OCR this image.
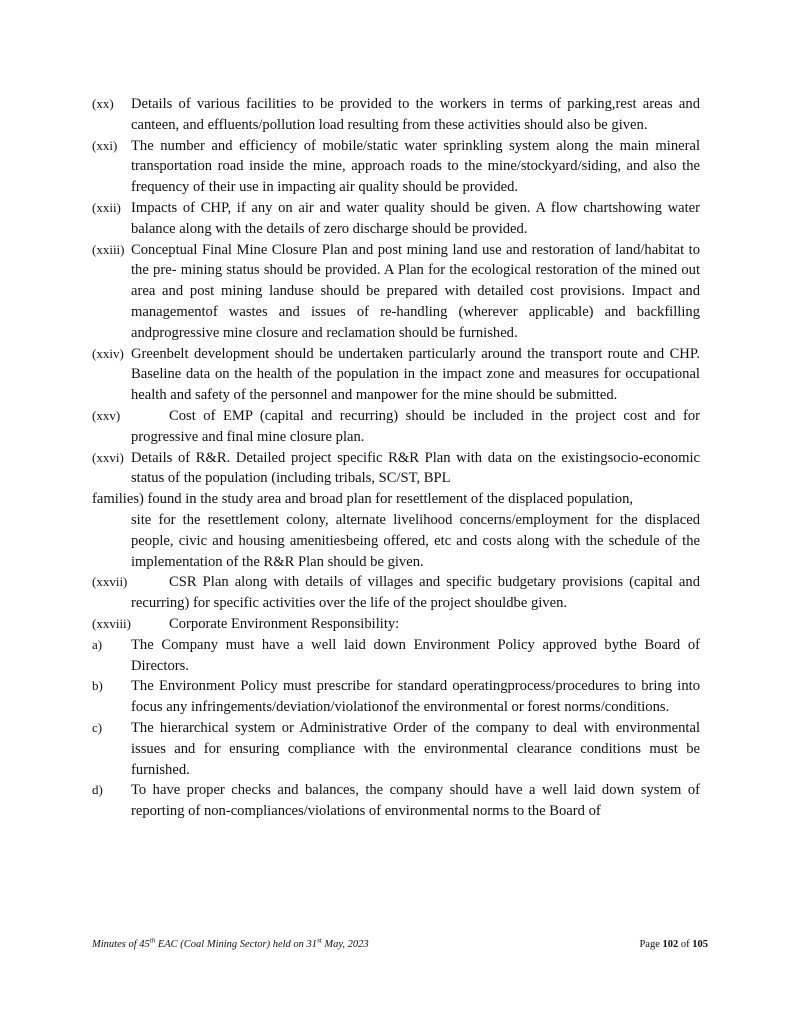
(xx) Details of various facilities to be provided to the workers in terms of parking,rest areas and canteen, and effluents/pollution load resulting from these activities should also be given.
(xxi) The number and efficiency of mobile/static water sprinkling system along the main mineral transportation road inside the mine, approach roads to the mine/stockyard/siding, and also the frequency of their use in impacting air quality should be provided.
(xxii) Impacts of CHP, if any on air and water quality should be given. A flow chartshowing water balance along with the details of zero discharge should be provided.
(xxiii) Conceptual Final Mine Closure Plan and post mining land use and restoration of land/habitat to the pre- mining status should be provided. A Plan for the ecological restoration of the mined out area and post mining landuse should be prepared with detailed cost provisions. Impact and managementof wastes and issues of re-handling (wherever applicable) and backfilling andprogressive mine closure and reclamation should be furnished.
(xxiv) Greenbelt development should be undertaken particularly around the transport route and CHP. Baseline data on the health of the population in the impact zone and measures for occupational health and safety of the personnel and manpower for the mine should be submitted.
(xxv)	Cost of EMP (capital and recurring) should be included in the project cost and for progressive and final mine closure plan.
(xxvi) Details of R&R. Detailed project specific R&R Plan with data on the existingsocio-economic status of the population (including tribals, SC/ST, BPL
families) found in the study area and broad plan for resettlement of the displaced population,
site for the resettlement colony, alternate livelihood concerns/employment for the displaced people, civic and housing amenitiesbeing offered, etc and costs along with the schedule of the implementation of the R&R Plan should be given.
(xxvii)	CSR Plan along with details of villages and specific budgetary provisions (capital and recurring) for specific activities over the life of the project shouldbe given.
(xxviii)	Corporate Environment Responsibility:
a) The Company must have a well laid down Environment Policy approved bythe Board of Directors.
b) The Environment Policy must prescribe for standard operatingprocess/procedures to bring into focus any infringements/deviation/violationof the environmental or forest norms/conditions.
c) The hierarchical system or Administrative Order of the company to deal with environmental issues and for ensuring compliance with the environmental clearance conditions must be furnished.
d) To have proper checks and balances, the company should have a well laid down system of reporting of non-compliances/violations of environmental norms to the Board of
Minutes of 45th EAC (Coal Mining Sector) held on 31st May, 2023	Page 102 of 105
